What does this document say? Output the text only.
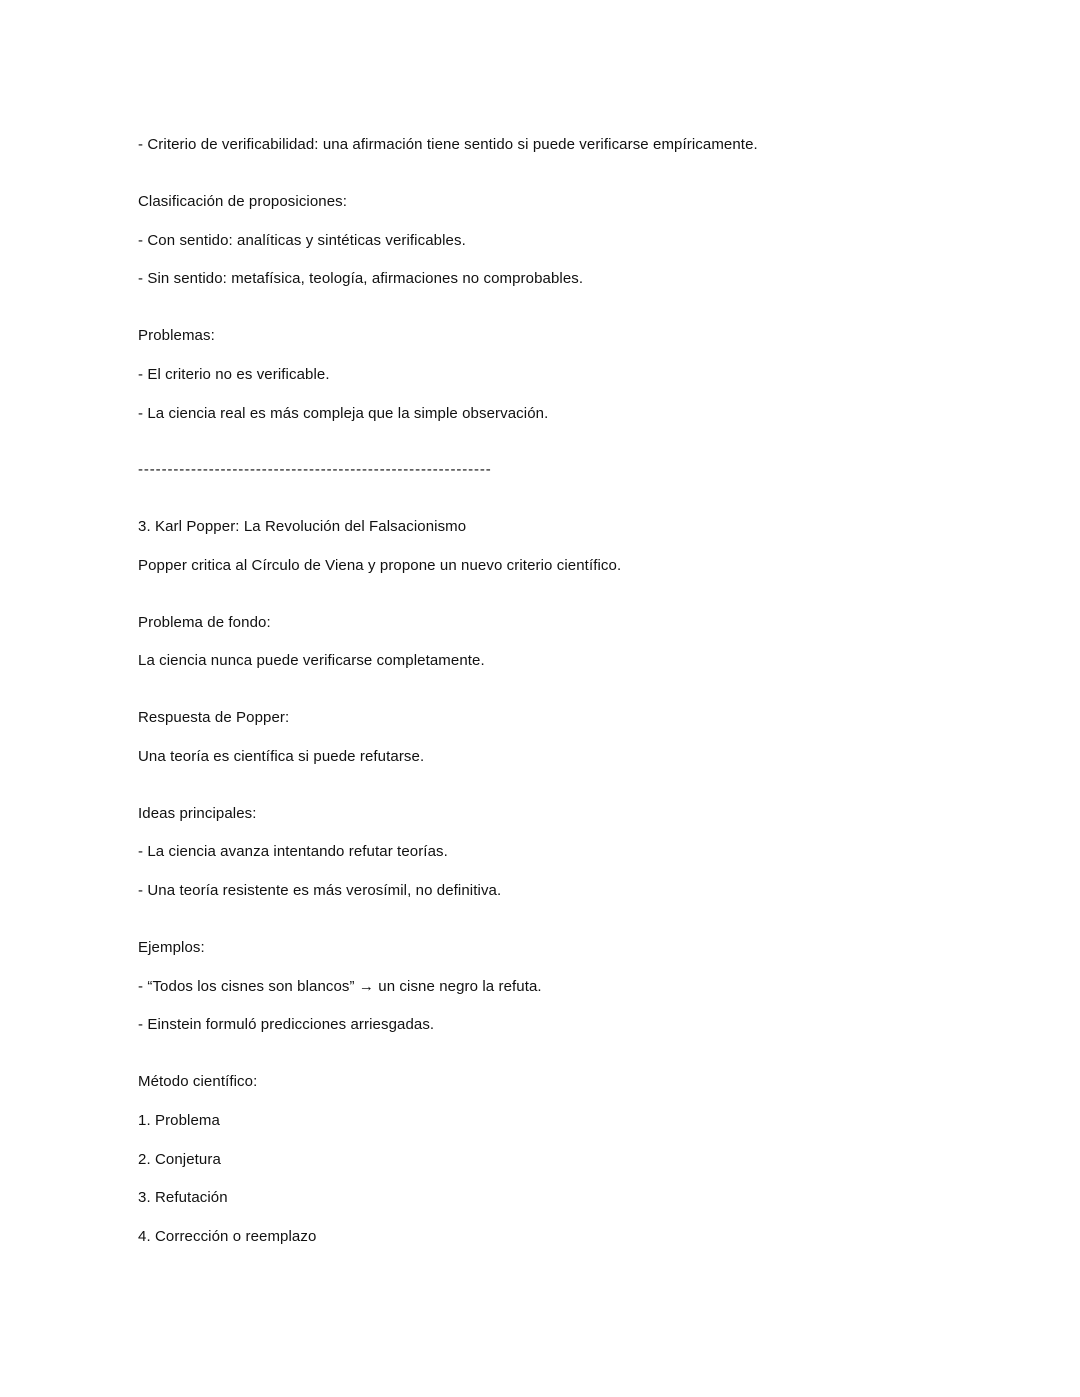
- Criterio de verificabilidad: una afirmación tiene sentido si puede verificarse empíricamente.

Clasificación de proposiciones:

- Con sentido: analíticas y sintéticas verificables.

- Sin sentido: metafísica, teología, afirmaciones no comprobables.

Problemas:

- El criterio no es verificable.

- La ciencia real es más compleja que la simple observación.

------------------------------------------------------------

3. Karl Popper: La Revolución del Falsacionismo

Popper critica al Círculo de Viena y propone un nuevo criterio científico.

Problema de fondo:

La ciencia nunca puede verificarse completamente.

Respuesta de Popper:

Una teoría es científica si puede refutarse.

Ideas principales:

- La ciencia avanza intentando refutar teorías.

- Una teoría resistente es más verosímil, no definitiva.

Ejemplos:

- “Todos los cisnes son blancos” → un cisne negro la refuta.

- Einstein formuló predicciones arriesgadas.

Método científico:

1. Problema

2. Conjetura

3. Refutación

4. Corrección o reemplazo
